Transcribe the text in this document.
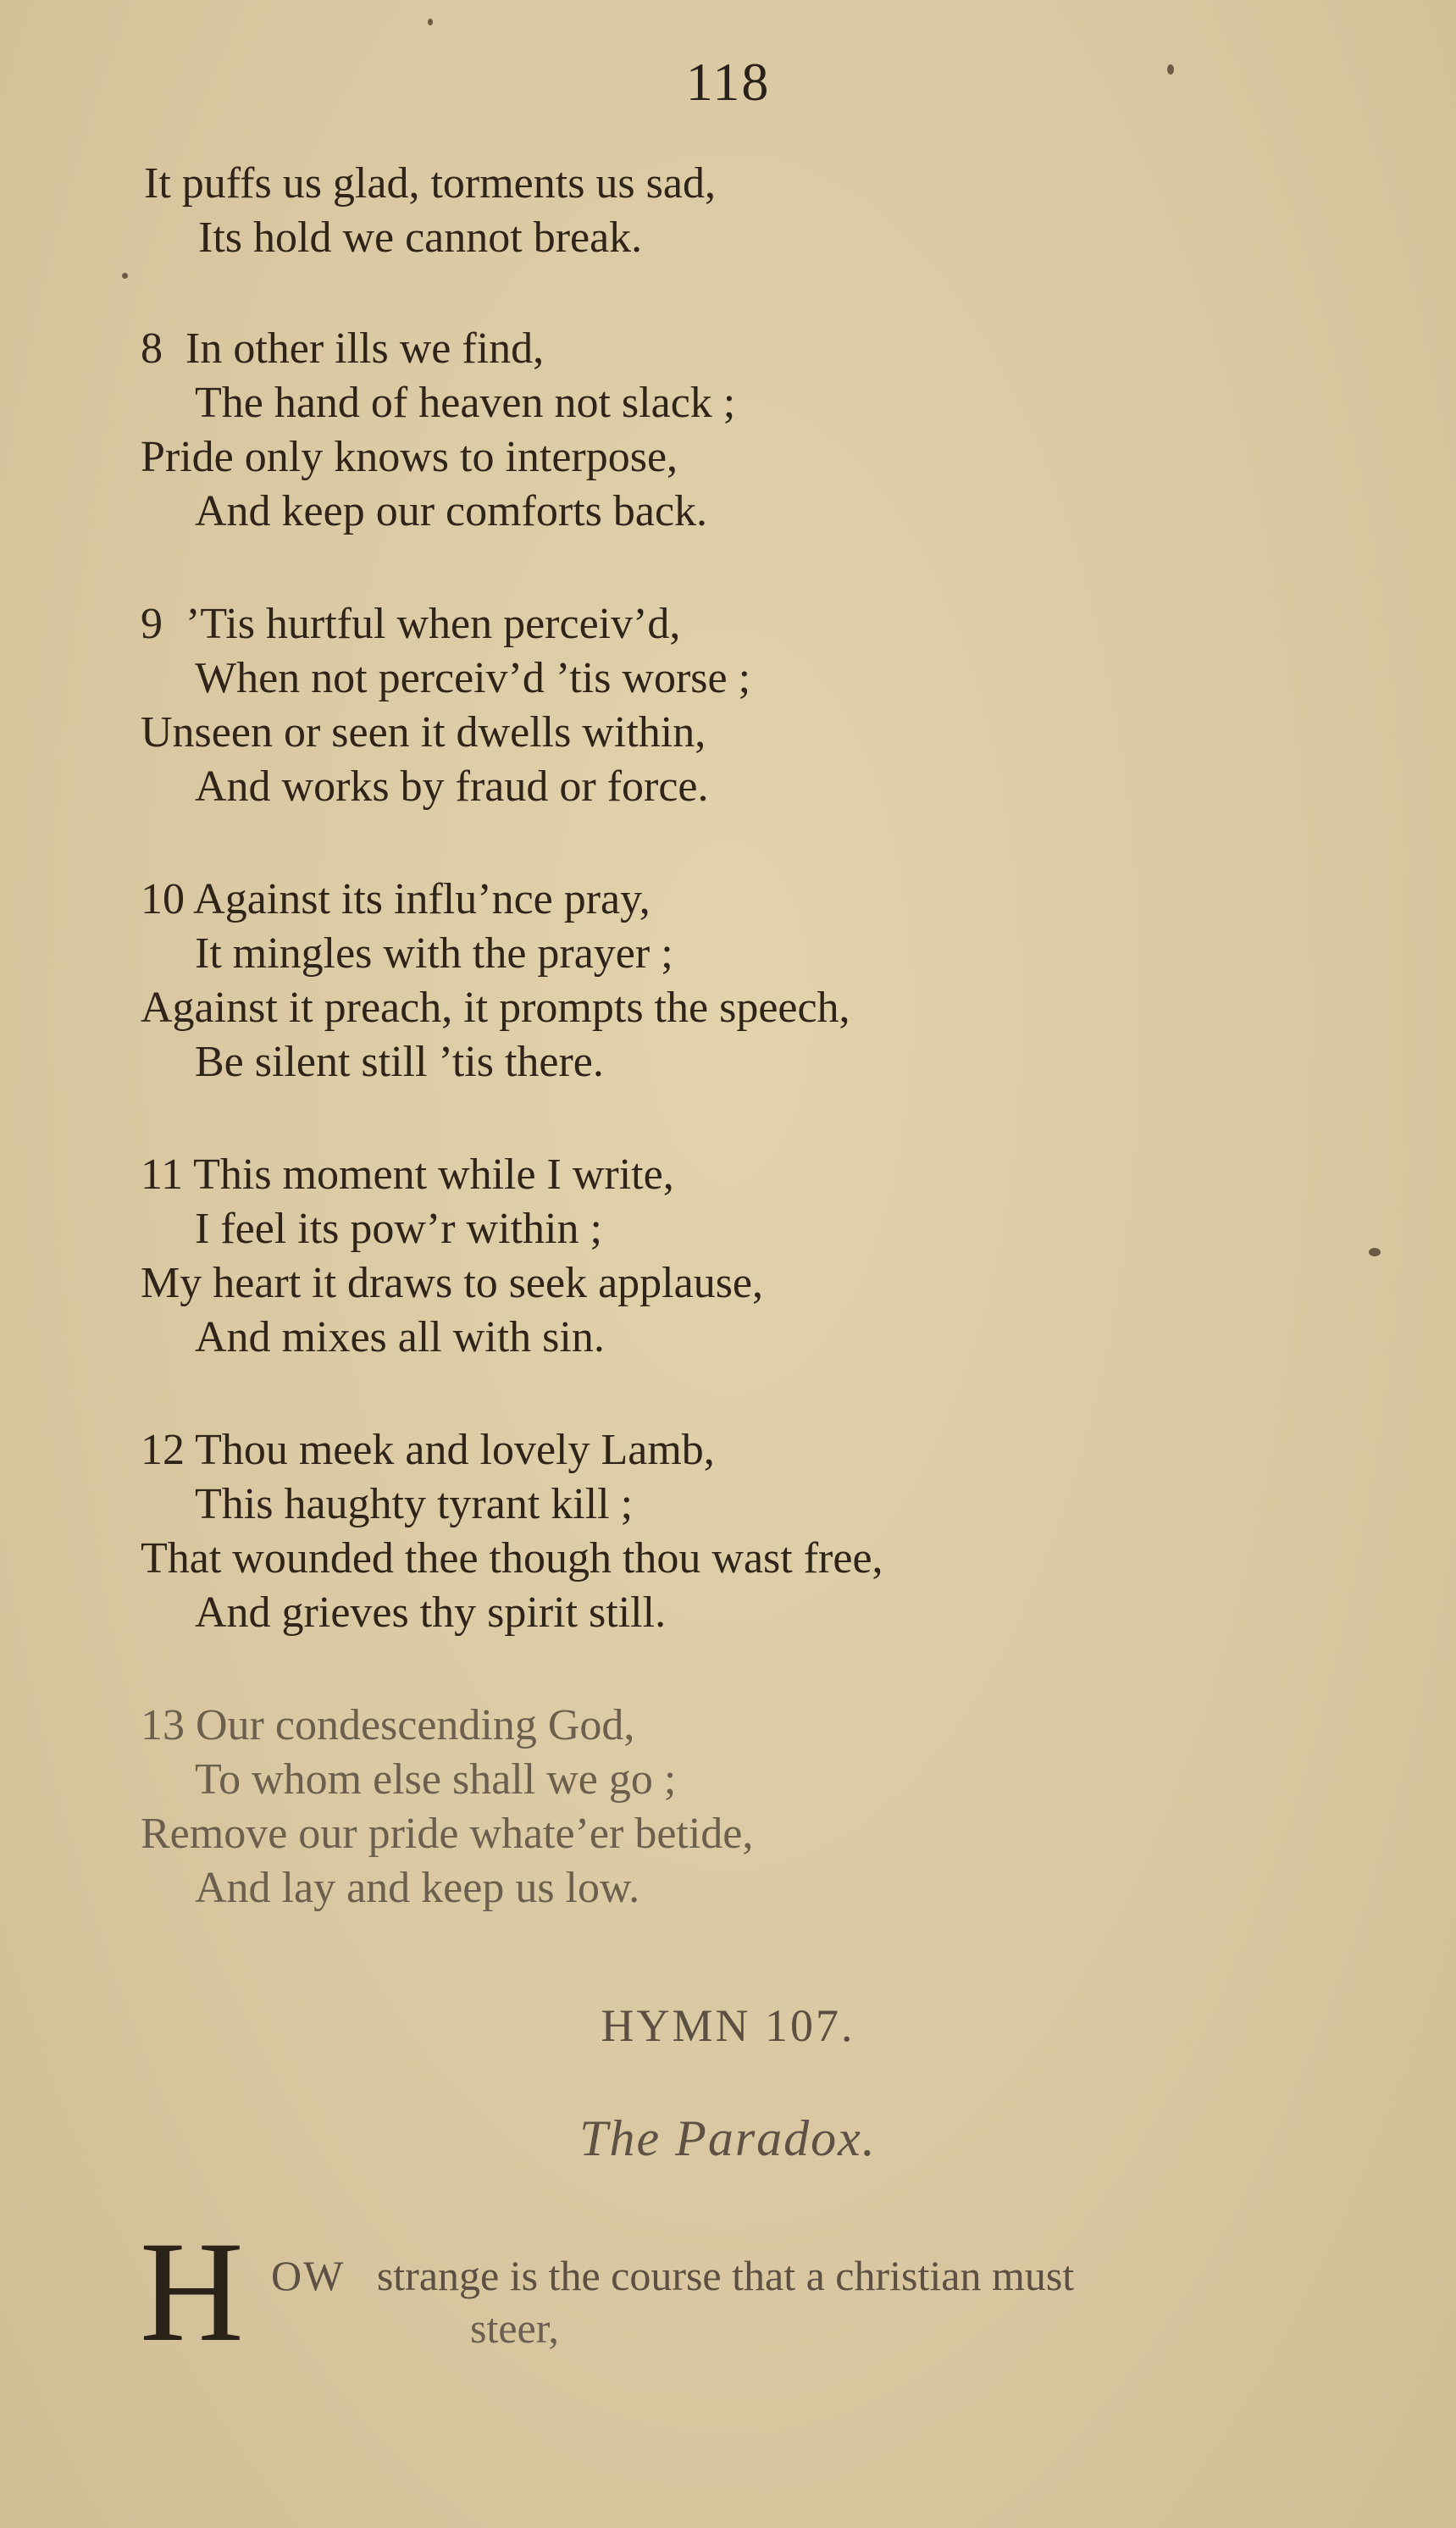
118
It puffs us glad, torments us sad,
Its hold we cannot break.
8 In other ills we find,
The hand of heaven not slack ;
Pride only knows to interpose,
And keep our comforts back.
9 ’Tis hurtful when perceiv’d,
When not perceiv’d ’tis worse ;
Unseen or seen it dwells within,
And works by fraud or force.
10 Against its influ’nce pray,
It mingles with the prayer ;
Against it preach, it prompts the speech,
Be silent still ’tis there.
11 This moment while I write,
I feel its pow’r within ;
My heart it draws to seek applause,
And mixes all with sin.
12 Thou meek and lovely Lamb,
This haughty tyrant kill ;
That wounded thee though thou wast free,
And grieves thy spirit still.
13 Our condescending God,
To whom else shall we go ;
Remove our pride whate’er betide,
And lay and keep us low.
HYMN 107.
The Paradox.
H OW strange is the course that a christian must
steer,
